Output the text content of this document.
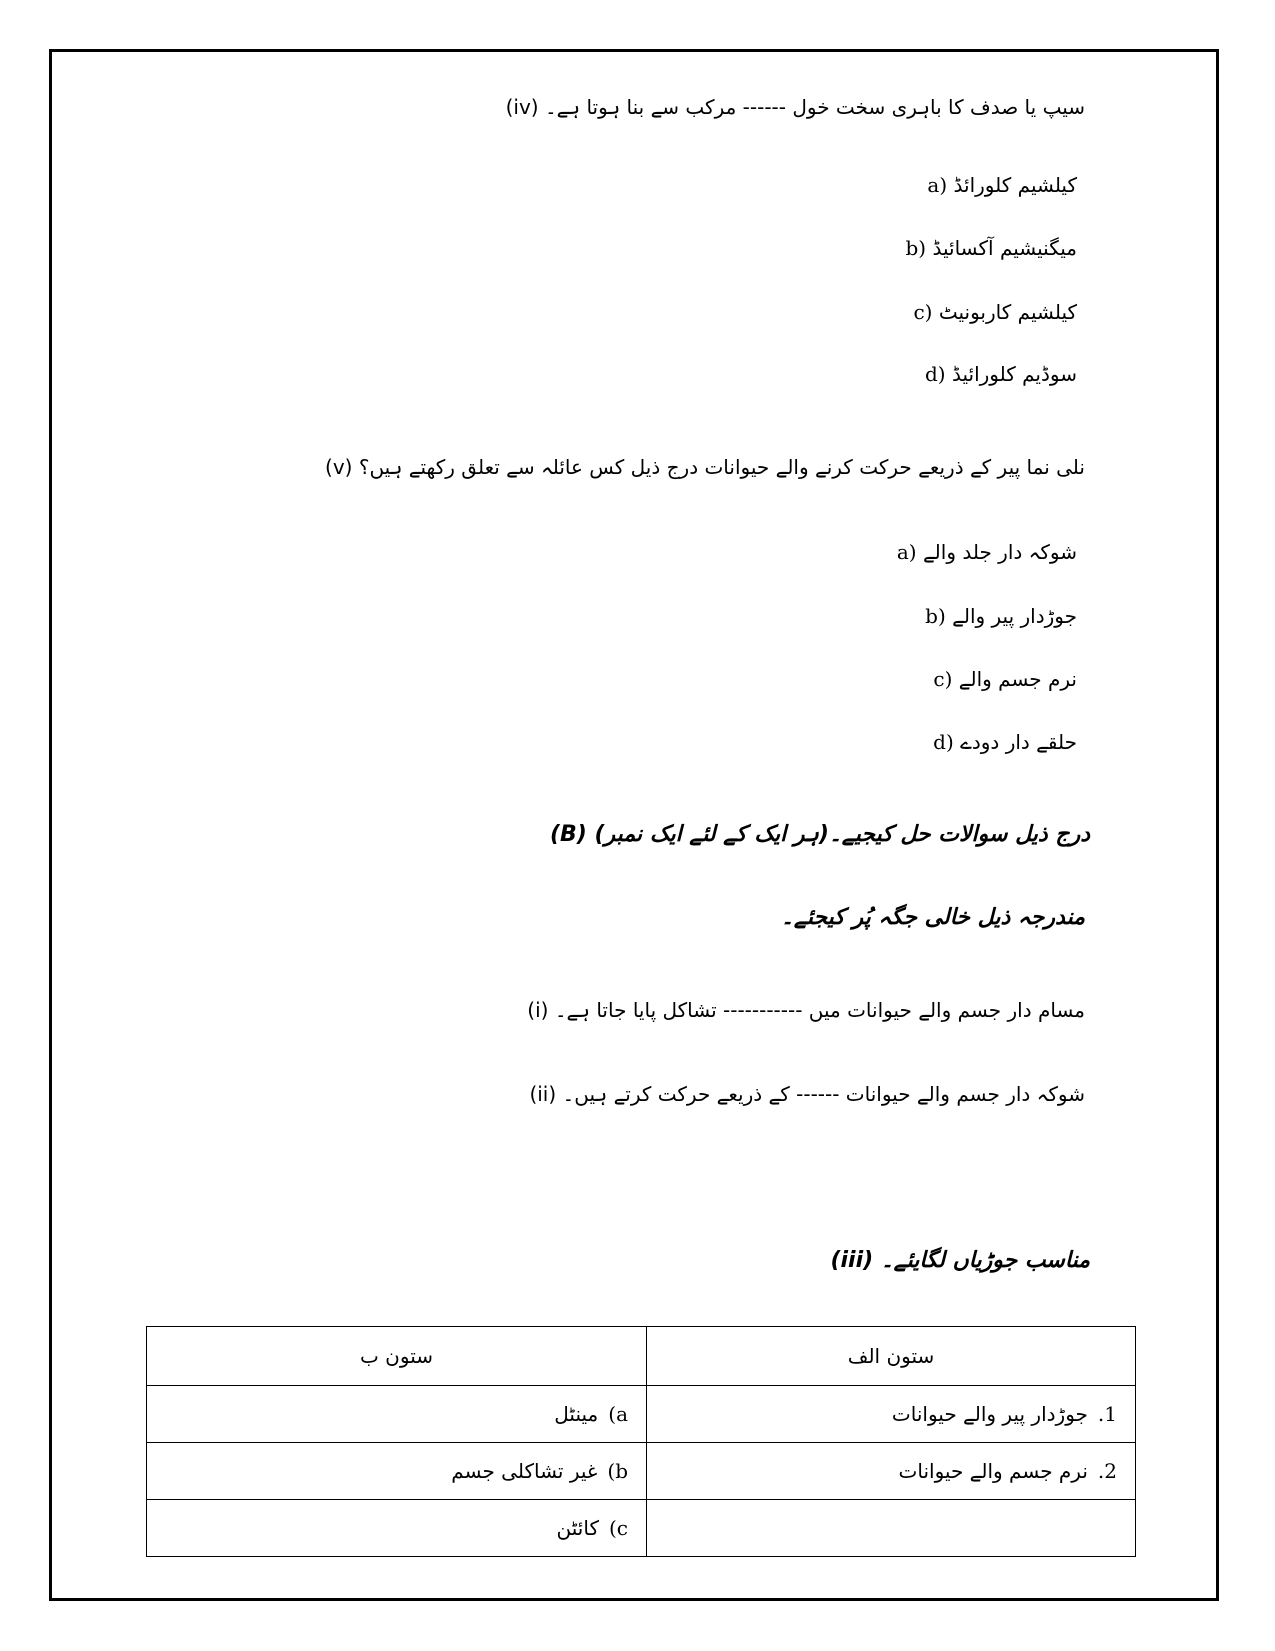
(iv) سیپ یا صدف کا باہری سخت خول ------ مرکب سے بنا ہوتا ہے۔
a) کیلشیم کلورائڈ
b) میگنیشیم آکسائیڈ
c) کیلشیم کاربونیٹ
d) سوڈیم کلورائیڈ
(v) نلی نما پیر کے ذریعے حرکت کرنے والے حیوانات درج ذیل کس عائلہ سے تعلق رکھتے ہیں؟
a) شوکہ دار جلد والے
b) جوڑدار پیر والے
c) نرم جسم والے
d) حلقے دار دودے
(B) درج ذیل سوالات حل کیجیے۔(ہر ایک کے لئے ایک نمبر)
مندرجہ ذیل خالی جگہ پُر کیجئے۔
(i) مسام دار جسم والے حیوانات میں ----------- تشاکل پایا جاتا ہے۔
(ii) شوکہ دار جسم والے حیوانات ------ کے ذریعے حرکت کرتے ہیں۔
(iii) مناسب جوڑیاں لگایئے۔
ستون الف	ستون ب
1.جوڑدار پیر والے حیوانات	a)مینٹل
2.نرم جسم والے حیوانات	b)غیر تشاکلی جسم
	c)کائٹن
